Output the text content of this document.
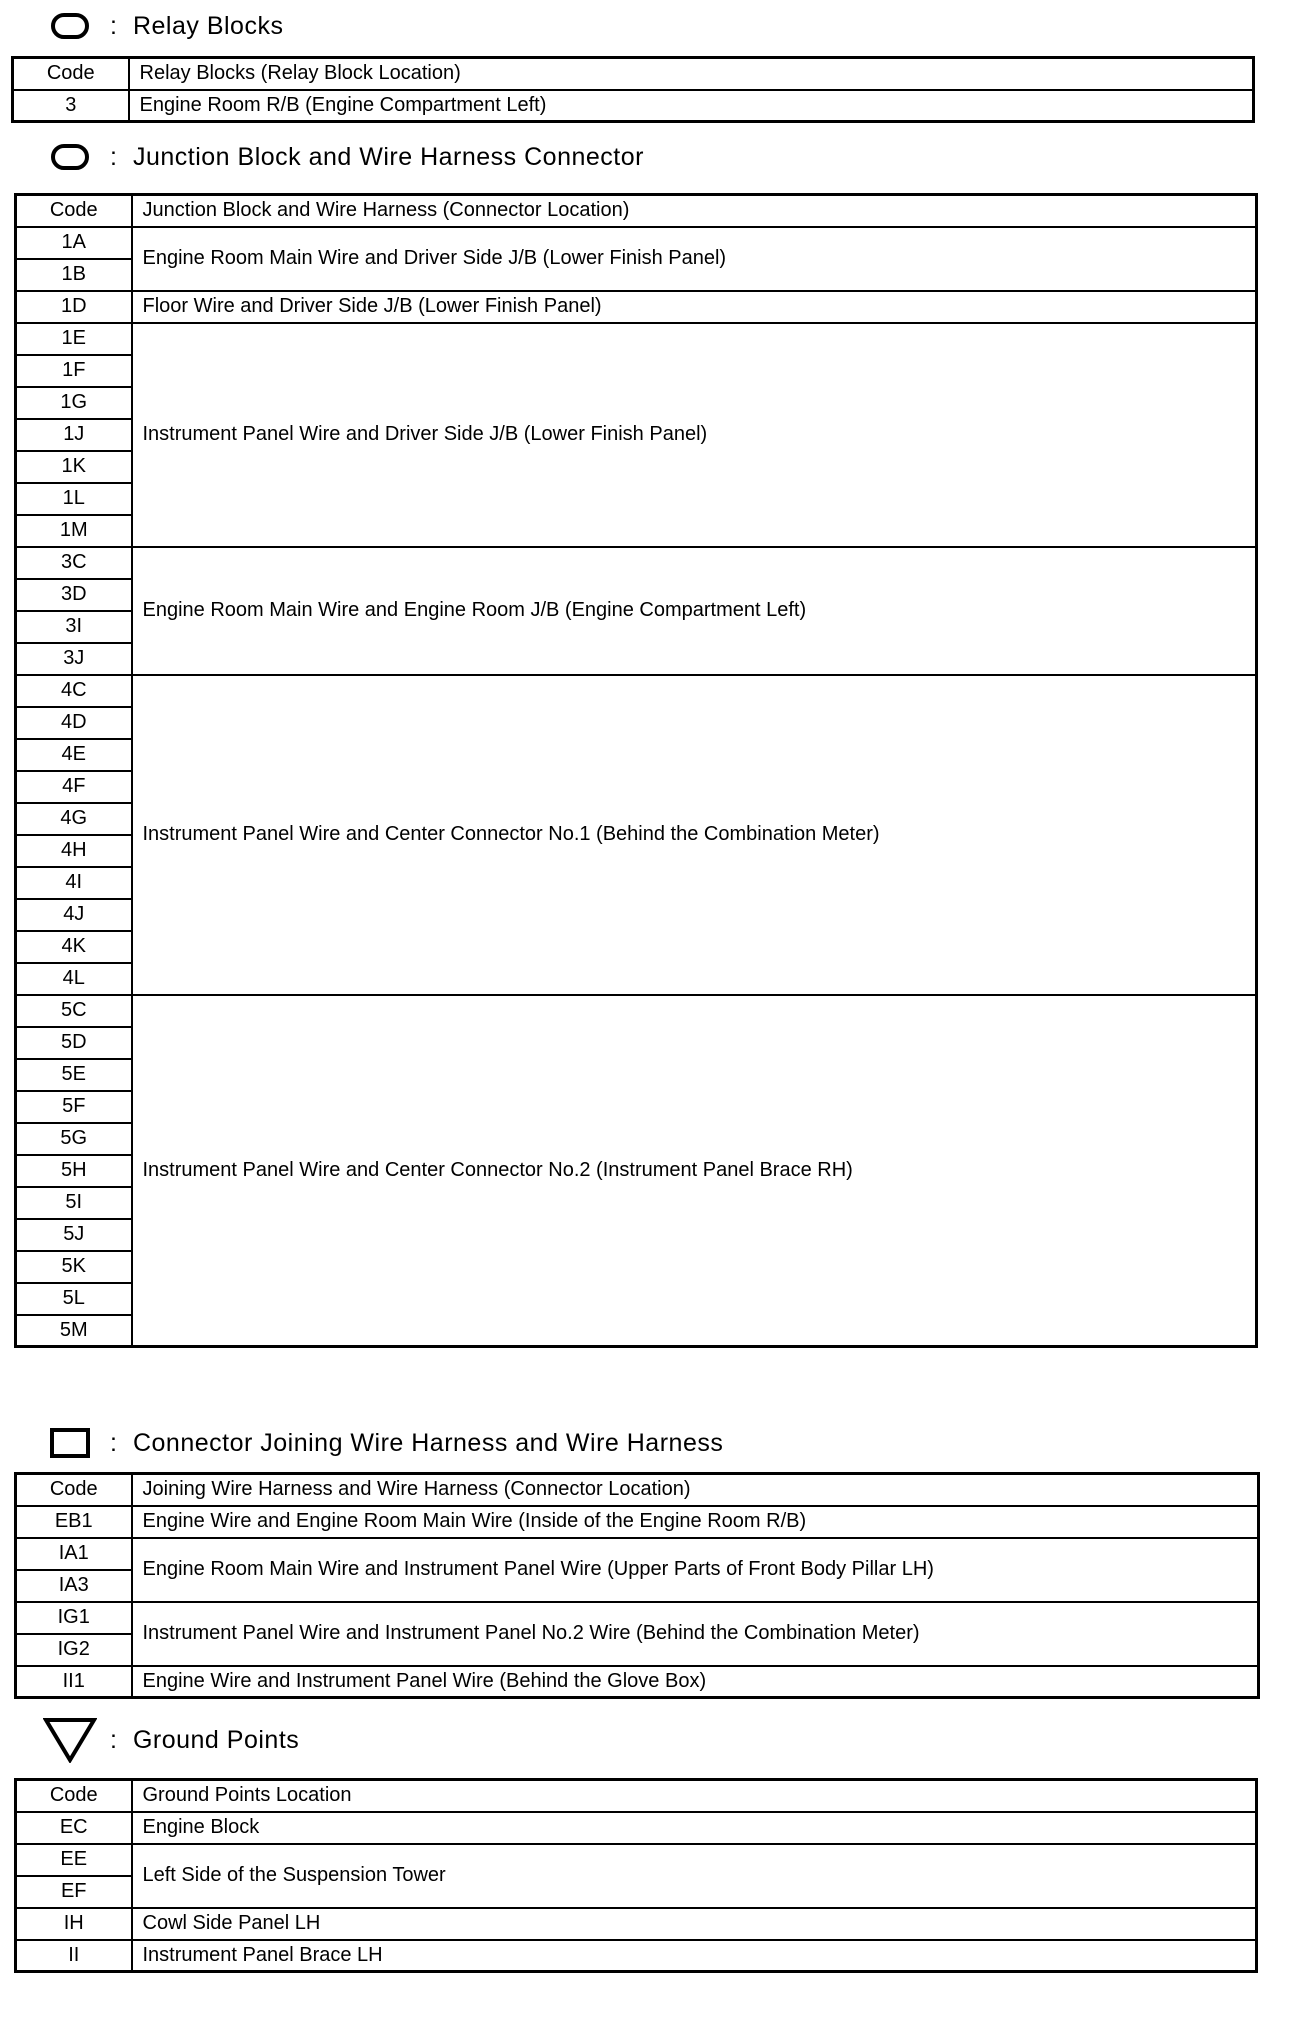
: Relay Blocks
Code	Relay Blocks (Relay Block Location)
3	Engine Room R/B (Engine Compartment Left)
: Junction Block and Wire Harness Connector
Code	Junction Block and Wire Harness (Connector Location)
1A	Engine Room Main Wire and Driver Side J/B (Lower Finish Panel)
1B	
1D	Floor Wire and Driver Side J/B (Lower Finish Panel)
1E	Instrument Panel Wire and Driver Side J/B (Lower Finish Panel)
1F	
1G	
1J	
1K	
1L	
1M	
3C	Engine Room Main Wire and Engine Room J/B (Engine Compartment Left)
3D	
3I	
3J	
4C	Instrument Panel Wire and Center Connector No.1 (Behind the Combination Meter)
4D	
4E	
4F	
4G	
4H	
4I	
4J	
4K	
4L	
5C	Instrument Panel Wire and Center Connector No.2 (Instrument Panel Brace RH)
5D	
5E	
5F	
5G	
5H	
5I	
5J	
5K	
5L	
5M	
: Connector Joining Wire Harness and Wire Harness
Code	Joining Wire Harness and Wire Harness (Connector Location)
EB1	Engine Wire and Engine Room Main Wire (Inside of the Engine Room R/B)
IA1	Engine Room Main Wire and Instrument Panel Wire (Upper Parts of Front Body Pillar LH)
IA3	
IG1	Instrument Panel Wire and Instrument Panel No.2 Wire (Behind the Combination Meter)
IG2	
II1	Engine Wire and Instrument Panel Wire (Behind the Glove Box)
: Ground Points
Code	Ground Points Location
EC	Engine Block
EE	Left Side of the Suspension Tower
EF	
IH	Cowl Side Panel LH
II	Instrument Panel Brace LH
